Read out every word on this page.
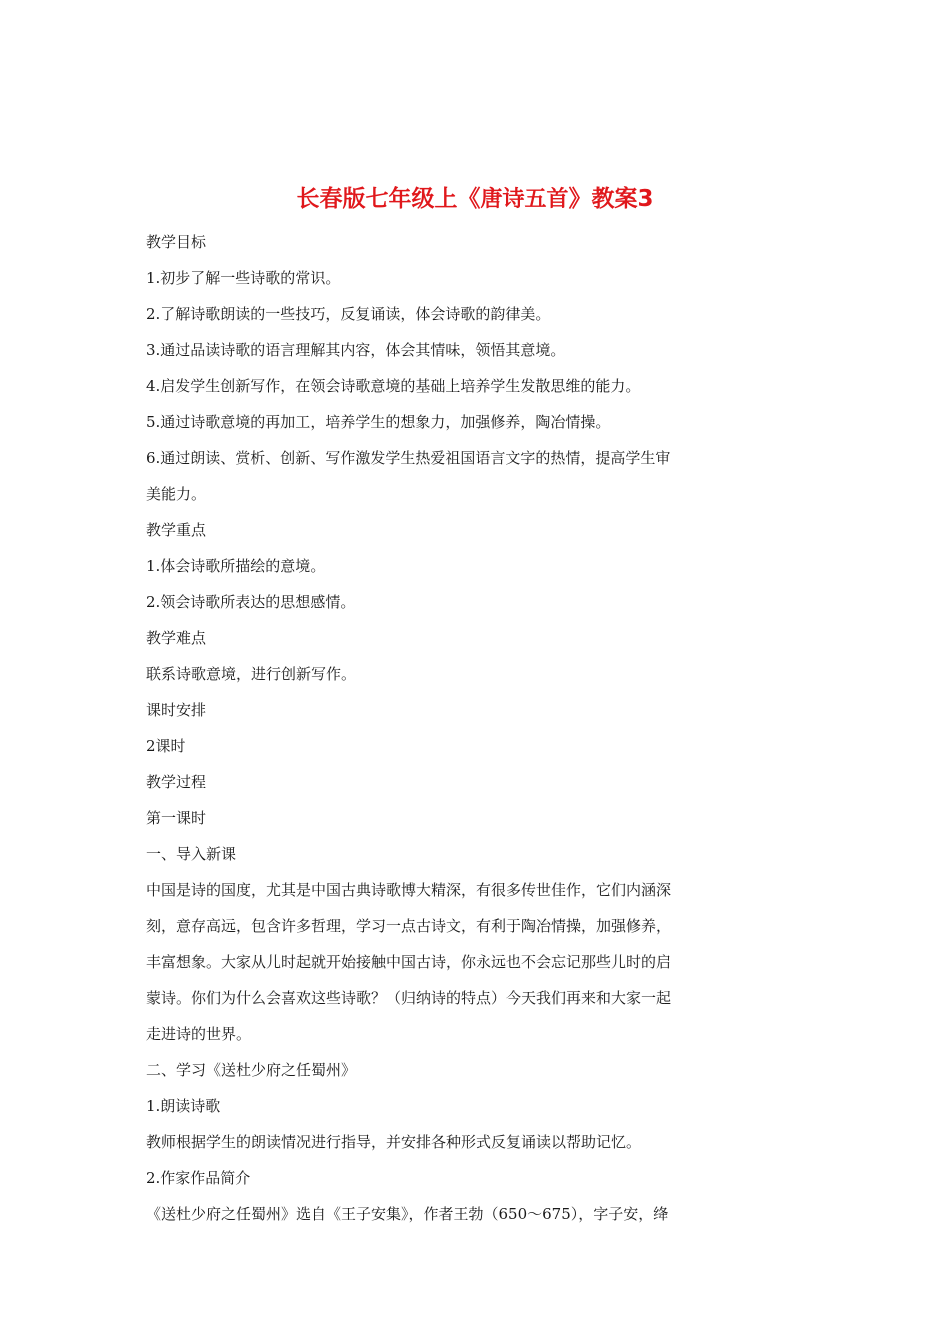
长春版七年级上《唐诗五首》教案3
教学目标
1.初步了解一些诗歌的常识。
2.了解诗歌朗读的一些技巧，反复诵读，体会诗歌的韵律美。
3.通过品读诗歌的语言理解其内容，体会其情味，领悟其意境。
4.启发学生创新写作，在领会诗歌意境的基础上培养学生发散思维的能力。
5.通过诗歌意境的再加工，培养学生的想象力，加强修养，陶冶情操。
6.通过朗读、赏析、创新、写作激发学生热爱祖国语言文字的热情，提高学生审
美能力。
教学重点
1.体会诗歌所描绘的意境。
2.领会诗歌所表达的思想感情。
教学难点
联系诗歌意境，进行创新写作。
课时安排
2课时
教学过程
第一课时
一、导入新课
中国是诗的国度，尤其是中国古典诗歌博大精深，有很多传世佳作，它们内涵深
刻，意存高远，包含许多哲理，学习一点古诗文，有利于陶冶情操，加强修养，
丰富想象。大家从儿时起就开始接触中国古诗，你永远也不会忘记那些儿时的启
蒙诗。你们为什么会喜欢这些诗歌？（归纳诗的特点）今天我们再来和大家一起
走进诗的世界。
二、学习《送杜少府之任蜀州》
1.朗读诗歌
教师根据学生的朗读情况进行指导，并安排各种形式反复诵读以帮助记忆。
2.作家作品简介
《送杜少府之任蜀州》选自《王子安集》，作者王勃（650～675），字子安，绛
